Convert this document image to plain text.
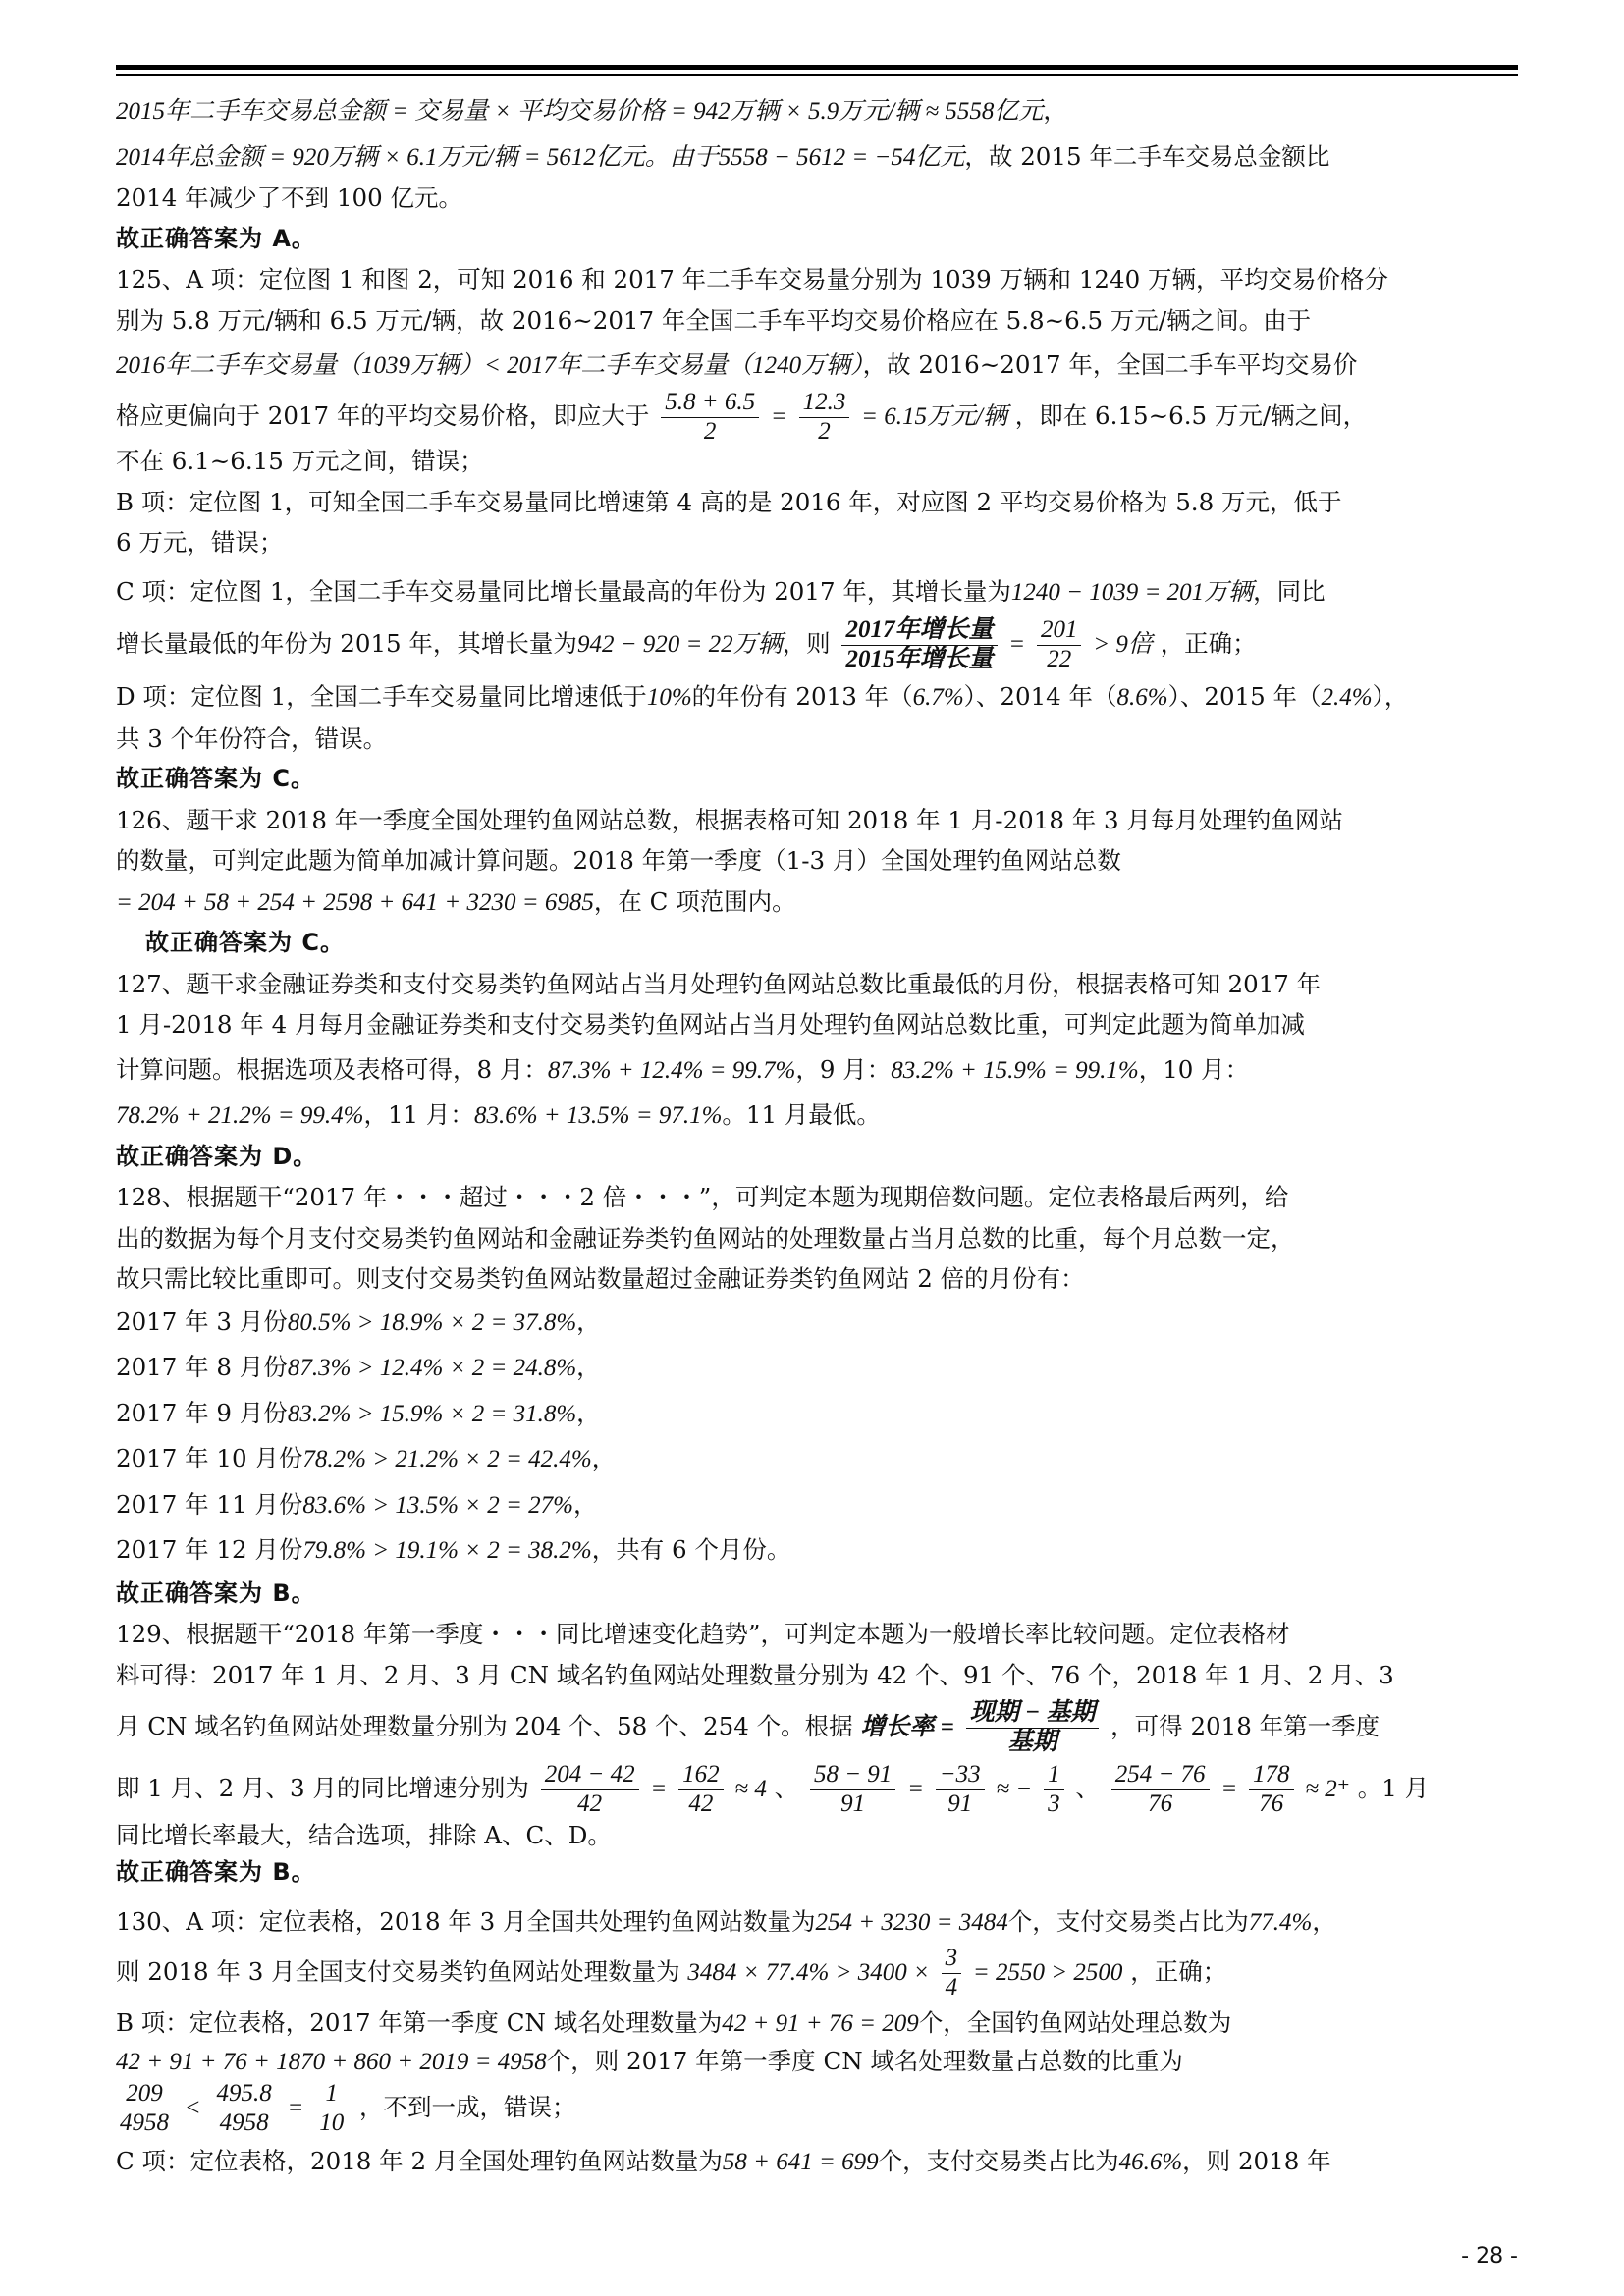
2015年二手车交易总金额 = 交易量 × 平均交易价格 = 942万辆 × 5.9万元/辆 ≈ 5558亿元，

2014年总金额 = 920万辆 × 6.1万元/辆 = 5612亿元。由于5558 − 5612 = −54亿元，故 2015 年二手车交易总金额比

2014 年减少了不到 100 亿元。

故正确答案为 A。

125、A 项：定位图 1 和图 2，可知 2016 和 2017 年二手车交易量分别为 1039 万辆和 1240 万辆，平均交易价格分

别为 5.8 万元/辆和 6.5 万元/辆，故 2016~2017 年全国二手车平均交易价格应在 5.8~6.5 万元/辆之间。由于

2016年二手车交易量（1039万辆）< 2017年二手车交易量（1240万辆），故 2016~2017 年，全国二手车平均交易价

格应更偏向于 2017 年的平均交易价格，即应大于 $\frac{5.8 + 6.5}{2} = \frac{12.3}{2} = 6.15$万元/辆 ，即在 6.15~6.5 万元/辆之间，

不在 6.1~6.15 万元之间，错误；

B 项：定位图 1，可知全国二手车交易量同比增速第 4 高的是 2016 年，对应图 2 平均交易价格为 5.8 万元，低于

6 万元，错误；

C 项：定位图 1，全国二手车交易量同比增长量最高的年份为 2017 年，其增长量为1240 − 1039 = 201万辆，同比

增长量最低的年份为 2015 年，其增长量为942 − 920 = 22万辆，则 $\frac{\text{2017年增长量}}{\text{2015年增长量}} = \frac{201}{22} > 9$倍 ，正确；

D 项：定位图 1，全国二手车交易量同比增速低于10%的年份有 2013 年（6.7%）、2014 年（8.6%）、2015 年（2.4%），

共 3 个年份符合，错误。

故正确答案为 C。

126、题干求 2018 年一季度全国处理钓鱼网站总数，根据表格可知 2018 年 1 月-2018 年 3 月每月处理钓鱼网站

的数量，可判定此题为简单加减计算问题。2018 年第一季度（1-3 月）全国处理钓鱼网站总数

= 204 + 58 + 254 + 2598 + 641 + 3230 = 6985，在 C 项范围内。

故正确答案为 C。

127、题干求金融证券类和支付交易类钓鱼网站占当月处理钓鱼网站总数比重最低的月份，根据表格可知 2017 年

1 月-2018 年 4 月每月金融证券类和支付交易类钓鱼网站占当月处理钓鱼网站总数比重，可判定此题为简单加减

计算问题。根据选项及表格可得，8 月：87.3% + 12.4% = 99.7%，9 月：83.2% + 15.9% = 99.1%，10 月：

78.2% + 21.2% = 99.4%，11 月：83.6% + 13.5% = 97.1%。11 月最低。

故正确答案为 D。

128、根据题干“2017 年・・・超过・・・2 倍・・・”，可判定本题为现期倍数问题。定位表格最后两列，给

出的数据为每个月支付交易类钓鱼网站和金融证券类钓鱼网站的处理数量占当月总数的比重，每个月总数一定，

故只需比较比重即可。则支付交易类钓鱼网站数量超过金融证券类钓鱼网站 2 倍的月份有：

2017 年 3 月份80.5% > 18.9% × 2 = 37.8%，

2017 年 8 月份87.3% > 12.4% × 2 = 24.8%，

2017 年 9 月份83.2% > 15.9% × 2 = 31.8%，

2017 年 10 月份78.2% > 21.2% × 2 = 42.4%，

2017 年 11 月份83.6% > 13.5% × 2 = 27%，

2017 年 12 月份79.8% > 19.1% × 2 = 38.2%，共有 6 个月份。

故正确答案为 B。

129、根据题干“2018 年第一季度・・・同比增速变化趋势”，可判定本题为一般增长率比较问题。定位表格材

料可得：2017 年 1 月、2 月、3 月 CN 域名钓鱼网站处理数量分别为 42 个、91 个、76 个，2018 年 1 月、2 月、3

月 CN 域名钓鱼网站处理数量分别为 204 个、58 个、254 个。根据 增长率 = $\frac{\text{现期 − 基期}}{\text{基期}}$ ，可得 2018 年第一季度

即 1 月、2 月、3 月的同比增速分别为 $\frac{204 - 42}{42} = \frac{162}{42} \approx 4$ 、 $\frac{58 - 91}{91} = \frac{-33}{91}$ ≈ − $\frac{1}{3}$ 、 $\frac{254 - 76}{76} = \frac{178}{76} \approx 2^+$ 。1 月

同比增长率最大，结合选项，排除 A、C、D。

故正确答案为 B。

130、A 项：定位表格，2018 年 3 月全国共处理钓鱼网站数量为254 + 3230 = 3484个，支付交易类占比为77.4%，

则 2018 年 3 月全国支付交易类钓鱼网站处理数量为 $3484 \times 77.4\% > 3400 \times \frac{3}{4} = 2550 > 2500$ ，正确；

B 项：定位表格，2017 年第一季度 CN 域名处理数量为42 + 91 + 76 = 209个，全国钓鱼网站处理总数为

42 + 91 + 76 + 1870 + 860 + 2019 = 4958个，则 2017 年第一季度 CN 域名处理数量占总数的比重为

$\frac{209}{4958} < \frac{495.8}{4958} = \frac{1}{10}$ ，不到一成，错误；

C 项：定位表格，2018 年 2 月全国处理钓鱼网站数量为58 + 641 = 699个，支付交易类占比为46.6%，则 2018 年

- 28 -
